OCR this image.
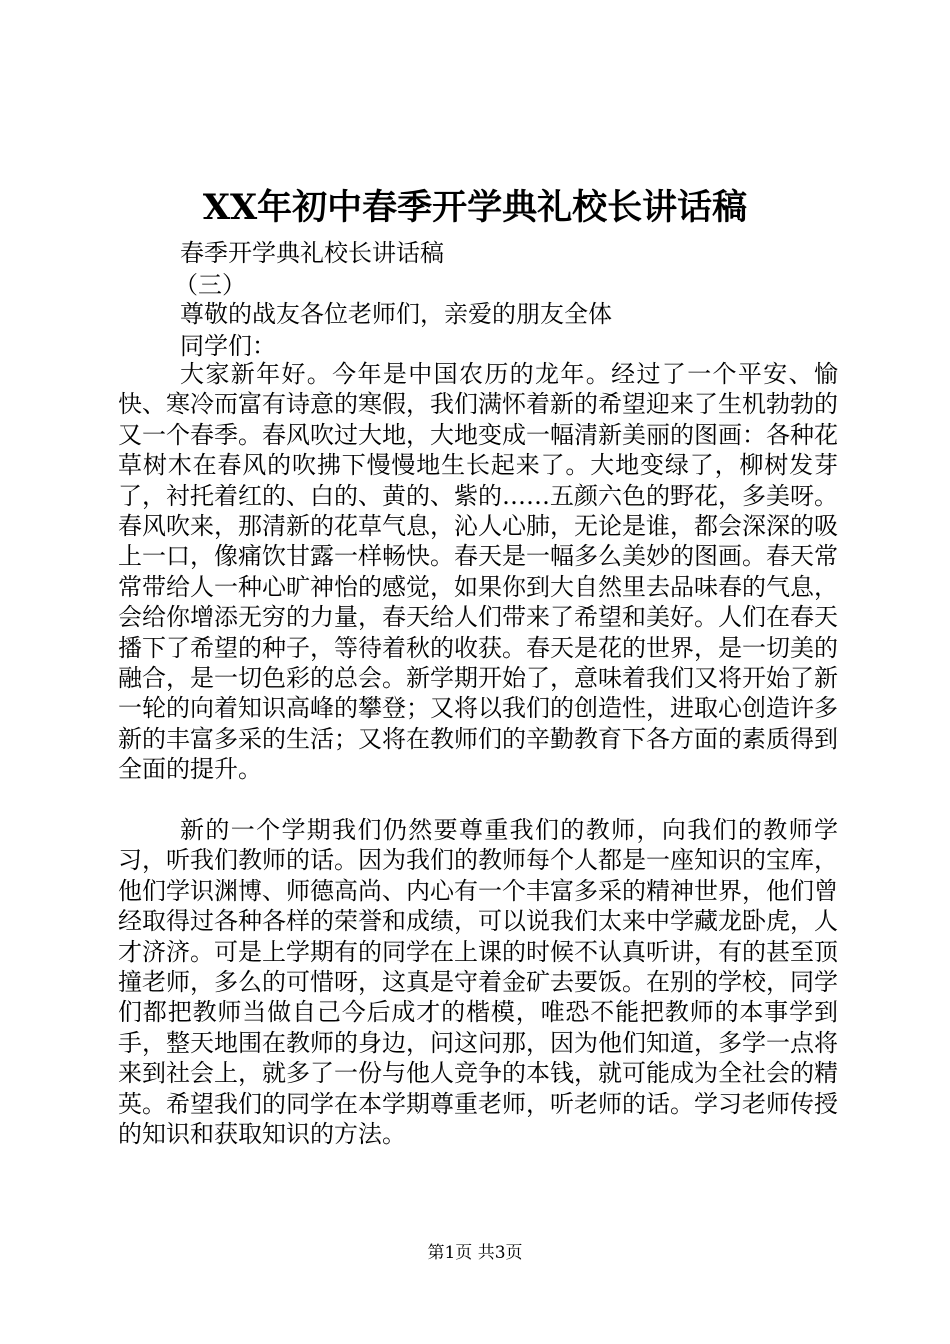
XX年初中春季开学典礼校长讲话稿
春季开学典礼校长讲话稿
（三）
尊敬的战友各位老师们，亲爱的朋友全体
同学们：

大家新年好。今年是中国农历的龙年。经过了一个平安、愉快、寒冷而富有诗意的寒假，我们满怀着新的希望迎来了生机勃勃的又一个春季。春风吹过大地，大地变成一幅清新美丽的图画：各种花草树木在春风的吹拂下慢慢地生长起来了。大地变绿了，柳树发芽了，衬托着红的、白的、黄的、紫的……五颜六色的野花，多美呀。春风吹来，那清新的花草气息，沁人心肺，无论是谁，都会深深的吸上一口，像痛饮甘露一样畅快。春天是一幅多么美妙的图画。春天常常带给人一种心旷神怡的感觉，如果你到大自然里去品味春的气息，会给你增添无穷的力量，春天给人们带来了希望和美好。人们在春天播下了希望的种子，等待着秋的收获。春天是花的世界，是一切美的融合，是一切色彩的总会。新学期开始了，意味着我们又将开始了新一轮的向着知识高峰的攀登；又将以我们的创造性，进取心创造许多新的丰富多采的生活；又将在教师们的辛勤教育下各方面的素质得到全面的提升。

新的一个学期我们仍然要尊重我们的教师，向我们的教师学习，听我们教师的话。因为我们的教师每个人都是一座知识的宝库，他们学识渊博、师德高尚、内心有一个丰富多采的精神世界，他们曾经取得过各种各样的荣誉和成绩，可以说我们太来中学藏龙卧虎，人才济济。可是上学期有的同学在上课的时候不认真听讲，有的甚至顶撞老师，多么的可惜呀，这真是守着金矿去要饭。在别的学校，同学们都把教师当做自己今后成才的楷模，唯恐不能把教师的本事学到手，整天地围在教师的身边，问这问那，因为他们知道，多学一点将来到社会上，就多了一份与他人竞争的本钱，就可能成为全社会的精英。希望我们的同学在本学期尊重老师，听老师的话。学习老师传授的知识和获取知识的方法。

第1页 共3页
